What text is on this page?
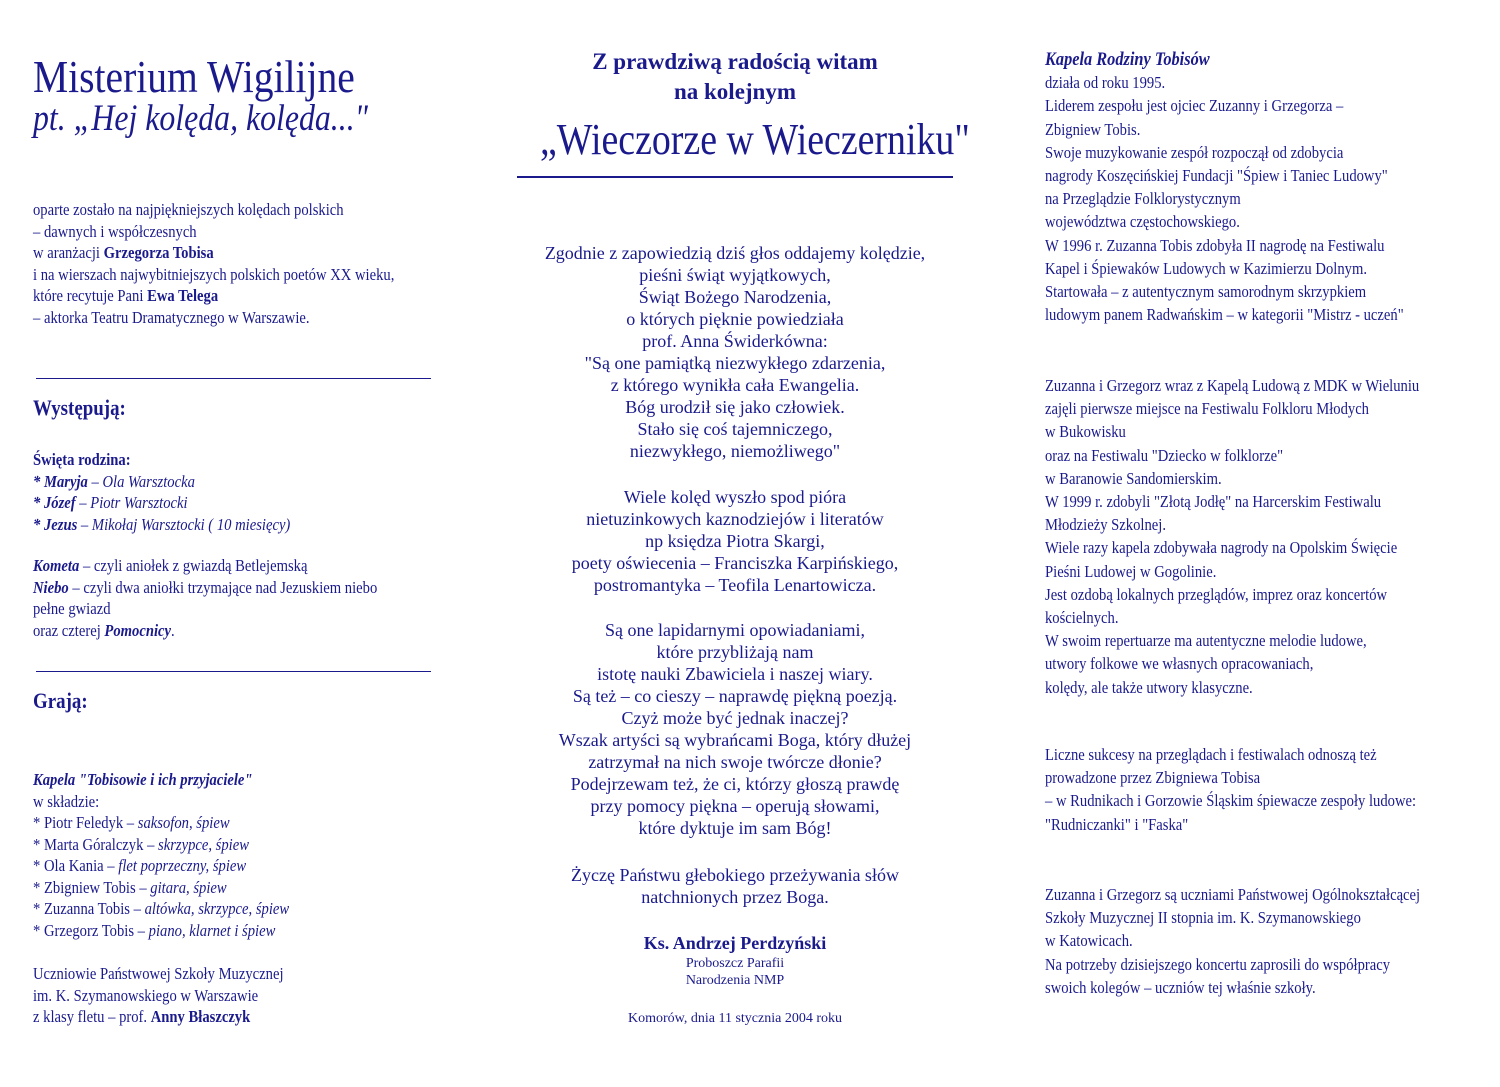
Misterium Wigilijne
pt. „Hej kolęda, kolęda..."
oparte zostało na najpiękniejszych kolędach polskich
– dawnych i współczesnych
w aranżacji Grzegorza Tobisa
i na wierszach najwybitniejszych polskich poetów XX wieku,
które recytuje Pani Ewa Telega
– aktorka Teatru Dramatycznego w Warszawie.
Występują:
Święta rodzina:
* Maryja – Ola Warsztocka
* Józef – Piotr Warsztocki
* Jezus – Mikołaj Warsztocki ( 10 miesięcy)
Kometa – czyli aniołek z gwiazdą Betlejemską
Niebo – czyli dwa aniołki trzymające nad Jezuskiem niebo
pełne gwiazd
oraz czterej Pomocnicy.
Grają:
Kapela "Tobisowie i ich przyjaciele"
w składzie:
* Piotr Feledyk – saksofon, śpiew
* Marta Góralczyk – skrzypce, śpiew
* Ola Kania – flet poprzeczny, śpiew
* Zbigniew Tobis – gitara, śpiew
* Zuzanna Tobis – altówka, skrzypce, śpiew
* Grzegorz Tobis – piano, klarnet i śpiew
Uczniowie Państwowej Szkoły Muzycznej
im. K. Szymanowskiego w Warszawie
z klasy fletu – prof. Anny Błaszczyk
Z prawdziwą radością witam
na kolejnym
„Wieczorze w Wieczerniku"
Zgodnie z zapowiedzią dziś głos oddajemy kolędzie,
pieśni świąt wyjątkowych,
Świąt Bożego Narodzenia,
o których pięknie powiedziała
prof. Anna Świderkówna:
"Są one pamiątką niezwykłego zdarzenia,
z którego wynikła cała Ewangelia.
Bóg urodził się jako człowiek.
Stało się coś tajemniczego,
niezwykłego, niemożliwego"
Wiele kolęd wyszło spod pióra
nietuzinkowych kaznodziejów i literatów
np księdza Piotra Skargi,
poety oświecenia – Franciszka Karpińskiego,
postromantyka – Teofila Lenartowicza.
Są one lapidarnymi opowiadaniami,
które przybliżają nam
istotę nauki Zbawiciela i naszej wiary.
Są też – co cieszy – naprawdę piękną poezją.
Czyż może być jednak inaczej?
Wszak artyści są wybrańcami Boga, który dłużej
zatrzymał na nich swoje twórcze dłonie?
Podejrzewam też, że ci, którzy głoszą prawdę
przy pomocy piękna – operują słowami,
które dyktuje im sam Bóg!
Życzę Państwu głebokiego przeżywania słów
natchnionych przez Boga.
Ks. Andrzej Perdzyński
Proboszcz Parafii
Narodzenia NMP
Komorów, dnia 11 stycznia 2004 roku
Kapela Rodziny Tobisów
działa od roku 1995.
Liderem zespołu jest ojciec Zuzanny i Grzegorza –
Zbigniew Tobis.
Swoje muzykowanie zespół rozpoczął od zdobycia
nagrody Koszęcińskiej Fundacji "Śpiew i Taniec Ludowy"
na Przeglądzie Folklorystycznym
województwa częstochowskiego.
W 1996 r. Zuzanna Tobis zdobyła II nagrodę na Festiwalu
Kapel i Śpiewaków Ludowych w Kazimierzu Dolnym.
Startowała – z autentycznym samorodnym skrzypkiem
ludowym panem Radwańskim – w kategorii "Mistrz - uczeń"
Zuzanna i Grzegorz wraz z Kapelą Ludową z MDK w Wieluniu
zajęli pierwsze miejsce na Festiwalu Folkloru Młodych
w Bukowisku
oraz na Festiwalu "Dziecko w folklorze"
w Baranowie Sandomierskim.
W 1999 r. zdobyli "Złotą Jodłę" na Harcerskim Festiwalu
Młodzieży Szkolnej.
Wiele razy kapela zdobywała nagrody na Opolskim Święcie
Pieśni Ludowej w Gogolinie.
Jest ozdobą lokalnych przeglądów, imprez oraz koncertów
kościelnych.
W swoim repertuarze ma autentyczne melodie ludowe,
utwory folkowe we własnych opracowaniach,
kolędy, ale także utwory klasyczne.
Liczne sukcesy na przeglądach i festiwalach odnoszą też
prowadzone przez Zbigniewa Tobisa
– w Rudnikach i Gorzowie Śląskim śpiewacze zespoły ludowe:
"Rudniczanki" i "Faska"
Zuzanna i Grzegorz są uczniami Państwowej Ogólnokształcącej
Szkoły Muzycznej II stopnia im. K. Szymanowskiego
w Katowicach.
Na potrzeby dzisiejszego koncertu zaprosili do współpracy
swoich kolegów – uczniów tej właśnie szkoły.
